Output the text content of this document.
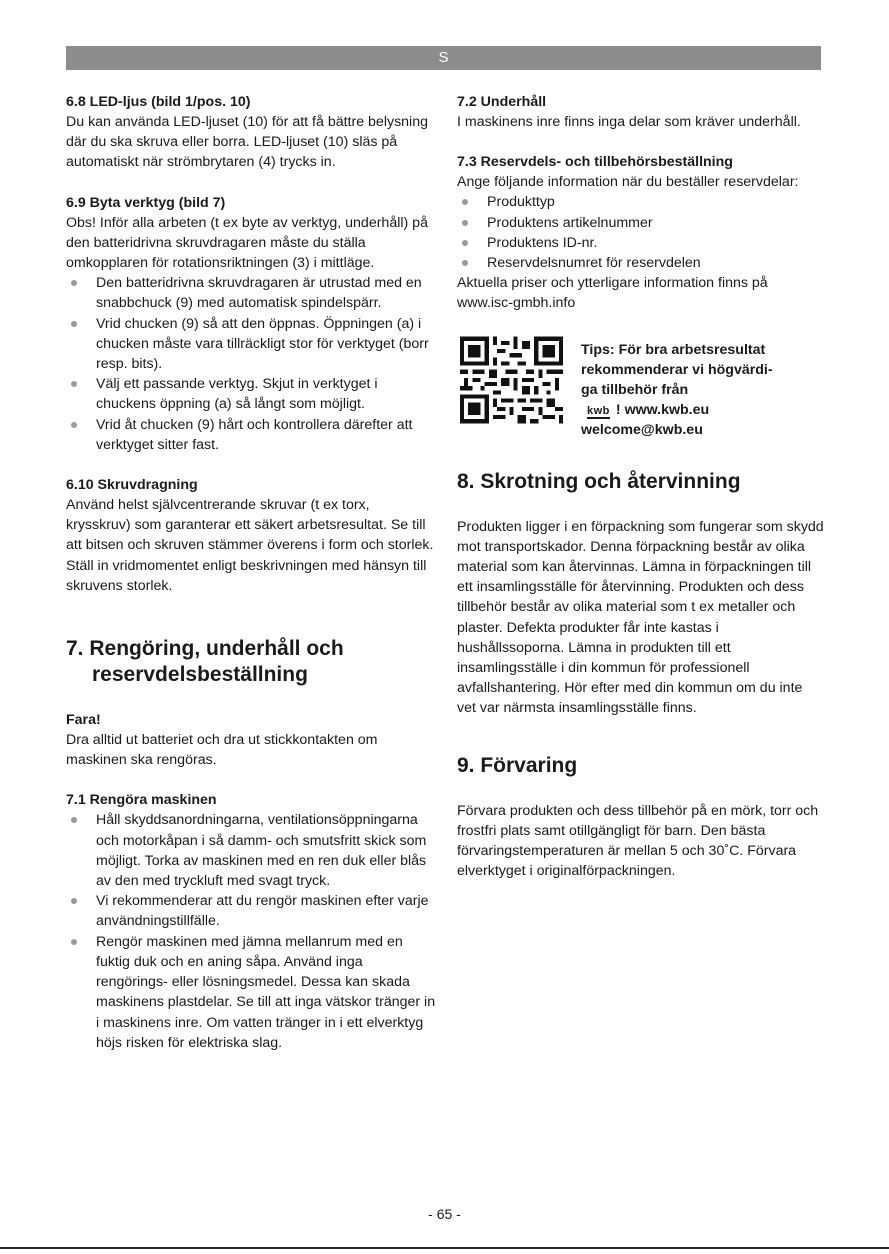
S
6.8 LED-ljus (bild 1/pos. 10)

Du kan använda LED-ljuset (10) för att få bättre belysning där du ska skruva eller borra. LED-ljuset (10) släs på automatiskt när strömbrytaren (4) trycks in.

6.9 Byta verktyg (bild 7)

Obs! Inför alla arbeten (t ex byte av verktyg, underhåll) på den batteridrivna skruvdragaren måste du ställa omkopplaren för rotationsriktningen (3) i mittläge.

Den batteridrivna skruvdragaren är utrustad med en snabbchuck (9) med automatisk spindelspärr.
Vrid chucken (9) så att den öppnas. Öppningen (a) i chucken måste vara tillräckligt stor för verktyget (borr resp. bits).
Välj ett passande verktyg. Skjut in verktyget i chuckens öppning (a) så långt som möjligt.
Vrid åt chucken (9) hårt och kontrollera därefter att verktyget sitter fast.
6.10 Skruvdragning

Använd helst självcentrerande skruvar (t ex torx, krysskruv) som garanterar ett säkert arbetsresultat. Se till att bitsen och skruven stämmer överens i form och storlek. Ställ in vridmomentet enligt beskrivningen med hänsyn till skruvens storlek.

7. Rengöring, underhåll och
reservdelsbeställning
Fara!

Dra alltid ut batteriet och dra ut stickkontakten om maskinen ska rengöras.

7.1 Rengöra maskinen
Håll skyddsanordningarna, ventilationsöppningarna och motorkåpan i så damm- och smutsfritt skick som möjligt. Torka av maskinen med en ren duk eller blås av den med tryckluft med svagt tryck.
Vi rekommenderar att du rengör maskinen efter varje användningstillfälle.
Rengör maskinen med jämna mellanrum med en fuktig duk och en aning såpa. Använd inga rengörings- eller lösningsmedel. Dessa kan skada maskinens plastdelar. Se till att inga vätskor tränger in i maskinens inre. Om vatten tränger in i ett elverktyg höjs risken för elektriska slag.
7.2 Underhåll

I maskinens inre finns inga delar som kräver underhåll.

7.3 Reservdels- och tillbehörsbeställning

Ange följande information när du beställer reservdelar:

Produkttyp
Produktens artikelnummer
Produktens ID-nr.
Reservdelsnumret för reservdelen

Aktuella priser och ytterligare information finns på www.isc-gmbh.info

Tips: För bra arbetsresultat
rekommenderar vi högvärdi-
ga tillbehör från
kwb ! www.kwb.eu
welcome@kwb.eu
8. Skrotning och återvinning

Produkten ligger i en förpackning som fungerar som skydd mot transportskador. Denna förpackning består av olika material som kan återvinnas. Lämna in förpackningen till ett insamlingsställe för återvinning. Produkten och dess tillbehör består av olika material som t ex metaller och plaster. Defekta produkter får inte kastas i hushållssoporna. Lämna in produkten till ett insamlingsställe i din kommun för professionell avfallshantering. Hör efter med din kommun om du inte vet var närmsta insamlingsställe finns.

9. Förvaring

Förvara produkten och dess tillbehör på en mörk, torr och frostfri plats samt otillgängligt för barn. Den bästa förvaringstemperaturen är mellan 5 och 30˚C. Förvara elverktyget i originalförpackningen.

- 65 -
